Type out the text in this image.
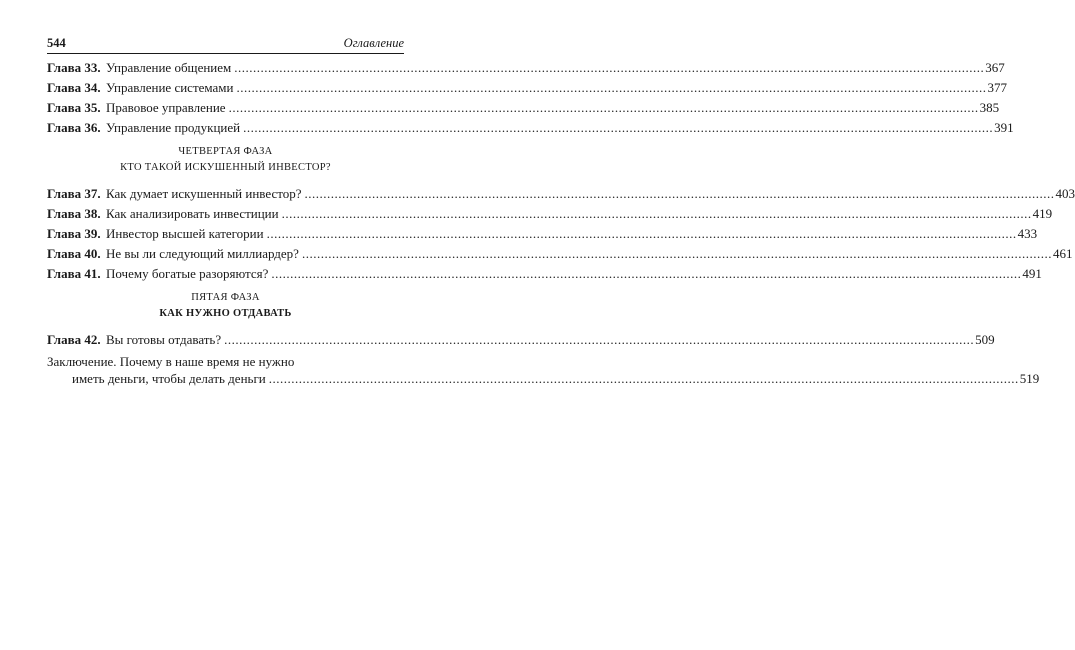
544	Оглавление
Глава 33. Управление общением ........................................................................................................................................................................................................ 367
Глава 34. Управление системами ........................................................................................................................................................................................................ 377
Глава 35. Правовое управление ........................................................................................................................................................................................................ 385
Глава 36. Управление продукцией ........................................................................................................................................................................................................ 391
ЧЕТВЕРТАЯ ФАЗА
КТО ТАКОЙ ИСКУШЕННЫЙ ИНВЕСТОР?
Глава 37. Как думает искушенный инвестор? ........................................................................................................................................................................................................ 403
Глава 38. Как анализировать инвестиции ........................................................................................................................................................................................................ 419
Глава 39. Инвестор высшей категории ........................................................................................................................................................................................................ 433
Глава 40. Не вы ли следующий миллиардер? ........................................................................................................................................................................................................ 461
Глава 41. Почему богатые разоряются? ........................................................................................................................................................................................................ 491
ПЯТАЯ ФАЗА
КАК НУЖНО ОТДАВАТЬ
Глава 42. Вы готовы отдавать? ........................................................................................................................................................................................................ 509
Заключение. Почему в наше время не нужно
иметь деньги, чтобы делать деньги ........................................................................................................................................................................................................ 519
